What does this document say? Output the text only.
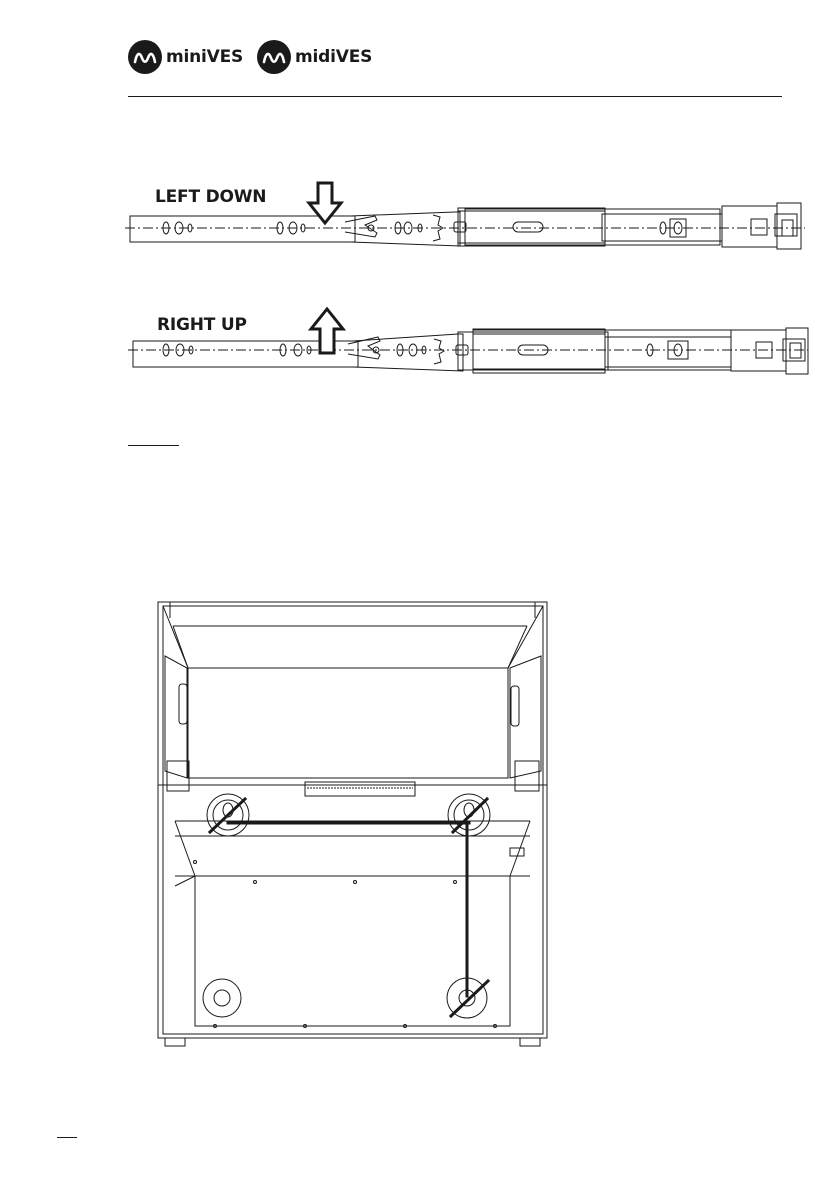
miniVES	midiVES
LEFT DOWN
RIGHT UP
